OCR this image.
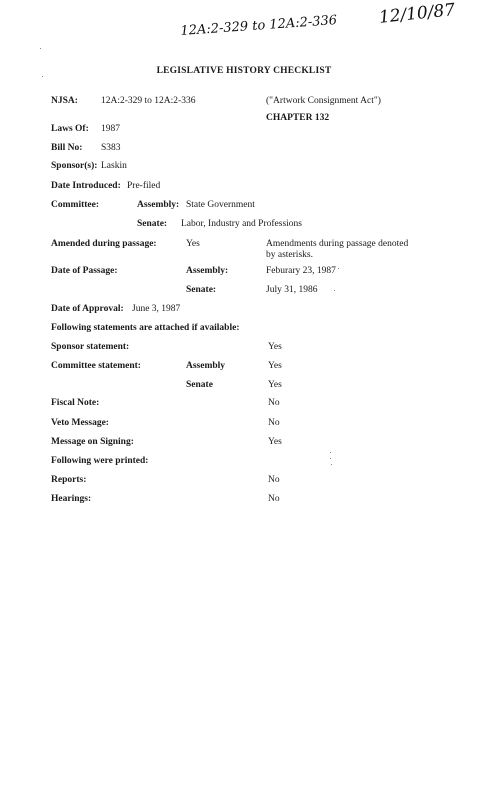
12A:2-329 to 12A:2-336 12/10/87
LEGISLATIVE HISTORY CHECKLIST
NJSA: 12A:2-329 to 12A:2-336	("Artwork Consignment Act")
Laws Of: 1987
CHAPTER 132
Bill No: S383
Sponsor(s): Laskin
Date Introduced: Pre-filed
Committee:	Assembly: State Government
Senate: Labor, Industry and Professions
Amended during passage:	Yes	Amendments during passage denoted
by asterisks.
Date of Passage:	Assembly:	Feburary 23, 1987
Senate:	July 31, 1986
Date of Approval: June 3, 1987
Following statements are attached if available:
Sponsor statement:	Yes
Committee statement:	Assembly	Yes
Senate	Yes
Fiscal Note:	No
Veto Message:	No
Message on Signing:	Yes
Following were printed:
Reports:	No
Hearings:	No
